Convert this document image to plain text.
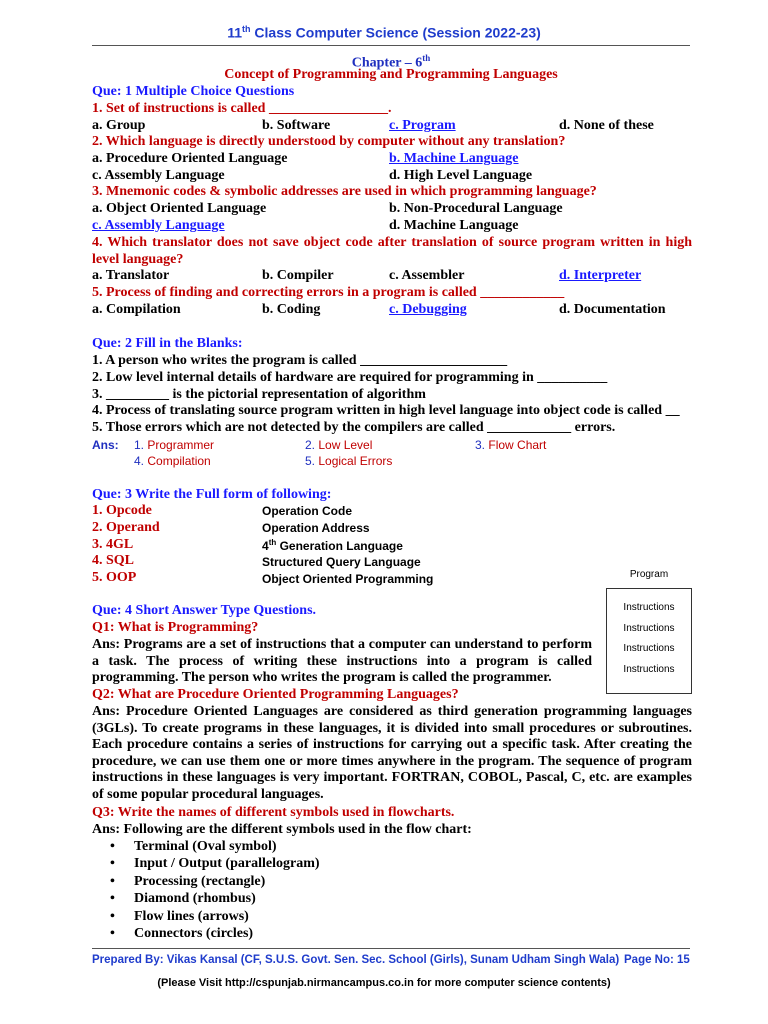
11th Class Computer Science (Session 2022-23)
Chapter – 6th
Concept of Programming and Programming Languages
Que: 1 Multiple Choice Questions
1. Set of instructions is called _________________.
a. Group	b. Software	c. Program	d. None of these
2. Which language is directly understood by computer without any translation?
a. Procedure Oriented Language	b. Machine Language
c. Assembly Language	d. High Level Language
3. Mnemonic codes & symbolic addresses are used in which programming language?
a. Object Oriented Language	b. Non-Procedural Language
c. Assembly Language	d. Machine Language
4. Which translator does not save object code after translation of source program written in high level language?
a. Translator	b. Compiler	c. Assembler	d. Interpreter
5. Process of finding and correcting errors in a program is called ____________
a. Compilation	b. Coding	c. Debugging	d. Documentation
Que: 2 Fill in the Blanks:
1. A person who writes the program is called _____________________
2. Low level internal details of hardware are required for programming in __________
3. _________ is the pictorial representation of algorithm
4. Process of translating source program written in high level language into object code is called __
5. Those errors which are not detected by the compilers are called ____________ errors.
Ans: 1. Programmer	2. Low Level	3. Flow Chart
4. Compilation	5. Logical Errors
Que: 3 Write the Full form of following:
1. Opcode	Operation Code
2. Operand	Operation Address
3. 4GL	4th Generation Language
4. SQL	Structured Query Language
5. OOP	Object Oriented Programming	Program
Instructions
Instructions
Instructions
Instructions
Que: 4 Short Answer Type Questions.
Q1: What is Programming?
Ans: Programs are a set of instructions that a computer can understand to perform a task. The process of writing these instructions into a program is called programming. The person who writes the program is called the programmer.
Q2: What are Procedure Oriented Programming Languages?
Ans: Procedure Oriented Languages are considered as third generation programming languages (3GLs). To create programs in these languages, it is divided into small procedures or subroutines. Each procedure contains a series of instructions for carrying out a specific task. After creating the procedure, we can use them one or more times anywhere in the program. The sequence of program instructions in these languages is very important. FORTRAN, COBOL, Pascal, C, etc. are examples of some popular procedural languages.
Q3: Write the names of different symbols used in flowcharts.
Ans: Following are the different symbols used in the flow chart:
• Terminal (Oval symbol)
• Input / Output (parallelogram)
• Processing (rectangle)
• Diamond (rhombus)
• Flow lines (arrows)
• Connectors (circles)
Prepared By: Vikas Kansal (CF, S.U.S. Govt. Sen. Sec. School (Girls), Sunam Udham Singh Wala) Page No: 15
(Please Visit http://cspunjab.nirmancampus.co.in for more computer science contents)
